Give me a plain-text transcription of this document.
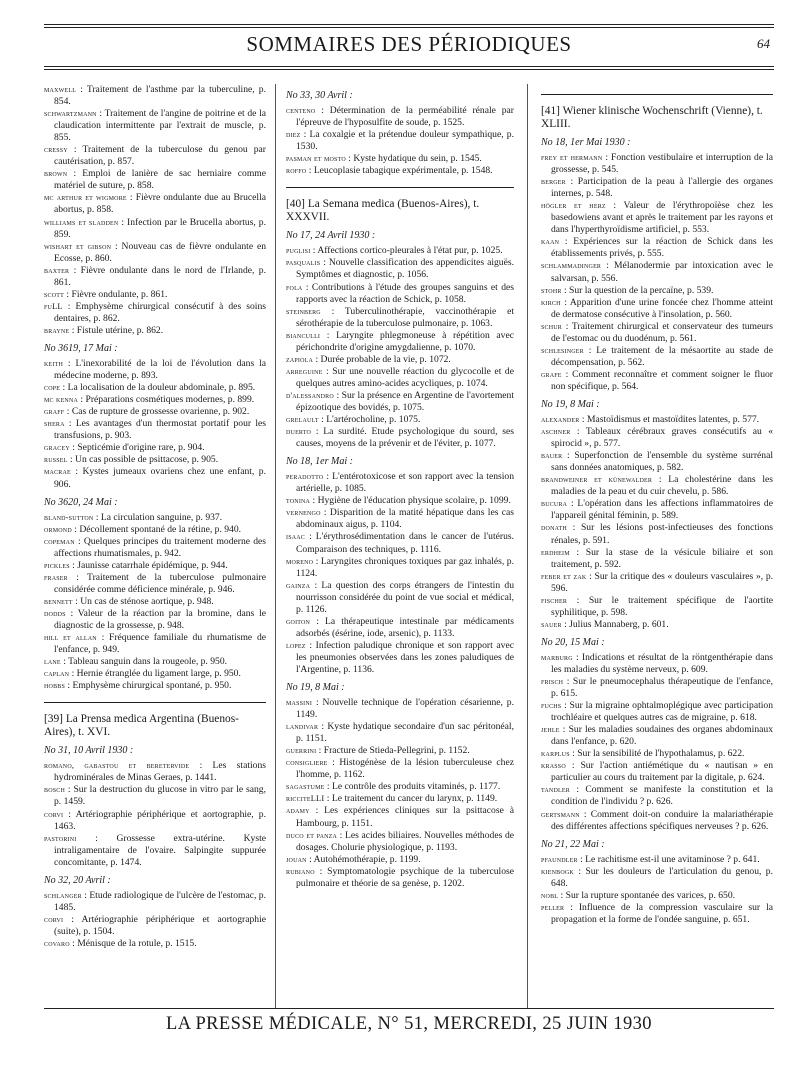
SOMMAIRES DES PÉRIODIQUES	64

maxwell : Traitement de l'asthme par la tuberculine, p. 854.

schwartzmann : Traitement de l'angine de poitrine et de la claudication intermittente par l'extrait de muscle, p. 855.

cressy : Traitement de la tuberculose du genou par cautérisation, p. 857.

brown : Emploi de lanière de sac herniaire comme matériel de suture, p. 858.

mc arthur et wigmore : Fièvre ondulante due au Brucella abortus, p. 858.

williams et sladden : Infection par le Brucella abortus, p. 859.

wishart et gibson : Nouveau cas de fièvre ondulante en Ecosse, p. 860.

baxter : Fièvre ondulante dans le nord de l'Irlande, p. 861.

scott : Fièvre ondulante, p. 861.

fuLL : Emphysème chirurgical consécutif à des soins dentaires, p. 862.

brayne : Fistule utérine, p. 862.

No 3619, 17 Mai :

keith : L'inexorabilité de la loi de l'évolution dans la médecine moderne, p. 893.

cope : La localisation de la douleur abdominale, p. 895.

mc kenna : Préparations cosmétiques modernes, p. 899.

graff : Cas de rupture de grossesse ovarienne, p. 902.

shera : Les avantages d'un thermostat portatif pour les transfusions, p. 903.

gracey : Septicémie d'origine rare, p. 904.

russel : Un cas possible de psittacose, p. 905.

macrae : Kystes jumeaux ovariens chez une enfant, p. 906.

No 3620, 24 Mai :

bland-sutton : La circulation sanguine, p. 937.

ormond : Décollement spontané de la rétine, p. 940.

copeman : Quelques principes du traitement moderne des affections rhumatismales, p. 942.

pickles : Jaunisse catarrhale épidémique, p. 944.

fraser : Traitement de la tuberculose pulmonaire considérée comme déficience minérale, p. 946.

bennett : Un cas de sténose aortique, p. 948.

dodds : Valeur de la réaction par la bromine, dans le diagnostic de la grossesse, p. 948.

hill et allan : Fréquence familiale du rhumatisme de l'enfance, p. 949.

lane : Tableau sanguin dans la rougeole, p. 950.

caplan : Hernie étranglée du ligament large, p. 950.

hobbs : Emphysème chirurgical spontané, p. 950.

[39] La Prensa medica Argentina (Buenos-Aires), t. XVI.
No 31, 10 Avril 1930 :

romano, gabastou et beretervide : Les stations hydrominérales de Minas Geraes, p. 1441.

bosch : Sur la destruction du glucose in vitro par le sang, p. 1459.

corvi : Artériographie périphérique et aortographie, p. 1463.

pastorini : Grossesse extra-utérine. Kyste intraligamentaire de l'ovaire. Salpingite suppurée concomitante, p. 1474.

No 32, 20 Avril :

schlanger : Etude radiologique de l'ulcère de l'estomac, p. 1485.

corvi : Artériographie périphérique et aortographie (suite), p. 1504.

covaro : Ménisque de la rotule, p. 1515.

No 33, 30 Avril :

centeno : Détermination de la perméabilité rénale par l'épreuve de l'hyposulfite de soude, p. 1525.

diez : La coxalgie et la prétendue douleur sympathique, p. 1530.

pasman et mosto : Kyste hydatique du sein, p. 1545.

roffo : Leucoplasie tabagique expérimentale, p. 1548.

[40] La Semana medica (Buenos-Aires), t. XXXVII.
No 17, 24 Avril 1930 :

puglisi : Affections cortico-pleurales à l'état pur, p. 1025.

pasqualis : Nouvelle classification des appendicites aiguës. Symptômes et diagnostic, p. 1056.

fola : Contributions à l'étude des groupes sanguins et des rapports avec la réaction de Schick, p. 1058.

steinberg : Tuberculinothérapie, vaccinothérapie et sérothérapie de la tuberculose pulmonaire, p. 1063.

bianculli : Laryngite phlegmoneuse à répétition avec périchondrite d'origine amygdalienne, p. 1070.

zapiola : Durée probable de la vie, p. 1072.

arreguine : Sur une nouvelle réaction du glycocolle et de quelques autres amino-acides acycliques, p. 1074.

d'alessandro : Sur la présence en Argentine de l'avortement épizootique des bovidés, p. 1075.

grelault : L'artérocholine, p. 1075.

duerto : La surdité. Etude psychologique du sourd, ses causes, moyens de la prévenir et de l'éviter, p. 1077.

No 18, 1er Mai :

peradotto : L'entérotoxicose et son rapport avec la tension artérielle, p. 1085.

tonina : Hygiène de l'éducation physique scolaire, p. 1099.

vernengo : Disparition de la matité hépatique dans les cas abdominaux aigus, p. 1104.

isaac : L'érythrosédimentation dans le cancer de l'utérus. Comparaison des techniques, p. 1116.

moreno : Laryngites chroniques toxiques par gaz inhalés, p. 1124.

gainza : La question des corps étrangers de l'intestin du nourrisson considérée du point de vue social et médical, p. 1126.

goiton : La thérapeutique intestinale par médicaments adsorbés (ésérine, iode, arsenic), p. 1133.

lopez : Infection paludique chronique et son rapport avec les pneumonies observées dans les zones paludiques de l'Argentine, p. 1136.

No 19, 8 Mai :

massini : Nouvelle technique de l'opération césarienne, p. 1149.

landivar : Kyste hydatique secondaire d'un sac péritonéal, p. 1151.

guerrini : Fracture de Stieda-Pellegrini, p. 1152.

consigliere : Histogénèse de la lésion tuberculeuse chez l'homme, p. 1162.

sagastume : Le contrôle des produits vitaminés, p. 1177.

ricciteLLI : Le traitement du cancer du larynx, p. 1149.

adamy : Les expériences cliniques sur la psittacose à Hambourg, p. 1151.

duco et panza : Les acides biliaires. Nouvelles méthodes de dosages. Cholurie physiologique, p. 1193.

jouan : Autohémothérapie, p. 1199.

rubiano : Symptomatologie psychique de la tuberculose pulmonaire et théorie de sa genèse, p. 1202.

[41] Wiener klinische Wochenschrift (Vienne), t. XLIII.
No 18, 1er Mai 1930 :

frey et hermann : Fonction vestibulaire et interruption de la grossesse, p. 545.

berger : Participation de la peau à l'allergie des organes internes, p. 548.

högler et herz : Valeur de l'érythropoïèse chez les basedowiens avant et après le traitement par les rayons et dans l'hyperthyroïdisme artificiel, p. 553.

kaan : Expériences sur la réaction de Schick dans les établissements privés, p. 555.

schlammadinger : Mélanodermie par intoxication avec le salvarsan, p. 556.

stohr : Sur la question de la percaïne, p. 539.

kirch : Apparition d'une urine foncée chez l'homme atteint de dermatose consécutive à l'insolation, p. 560.

schur : Traitement chirurgical et conservateur des tumeurs de l'estomac ou du duodénum, p. 561.

schlesinger : Le traitement de la mésaortite au stade de décompensation, p. 562.

grafe : Comment reconnaître et comment soigner le fluor non spécifique, p. 564.

No 19, 8 Mai :

alexander : Mastoïdismus et mastoïdites latentes, p. 577.

aschner : Tableaux cérébraux graves consécutifs au « spirocid », p. 577.

bauer : Superfonction de l'ensemble du système surrénal sans données anatomiques, p. 582.

brandweiner et künewalder : La cholestérine dans les maladies de la peau et du cuir chevelu, p. 586.

bucura : L'opération dans les affections inflammatoires de l'appareil génital féminin, p. 589.

donath : Sur les lésions post-infectieuses des fonctions rénales, p. 591.

erdheim : Sur la stase de la vésicule biliaire et son traitement, p. 592.

feber et zak : Sur la critique des « douleurs vasculaires », p. 596.

fischer : Sur le traitement spécifique de l'aortite syphilitique, p. 598.

sauer : Julius Mannaberg, p. 601.

No 20, 15 Mai :

marburg : Indications et résultat de la röntgenthérapie dans les maladies du système nerveux, p. 609.

frisch : Sur le pneumocephalus thérapeutique de l'enfance, p. 615.

fuchs : Sur la migraine ophtalmoplégique avec participation trochléaire et quelques autres cas de migraine, p. 618.

jehle : Sur les maladies soudaines des organes abdominaux dans l'enfance, p. 620.

karplus : Sur la sensibilité de l'hypothalamus, p. 622.

krasso : Sur l'action antiémétique du « nautisan » en particulier au cours du traitement par la digitale, p. 624.

tandler : Comment se manifeste la constitution et la condition de l'individu ? p. 626.

gertsmann : Comment doit-on conduire la malariathérapie des différentes affections spécifiques nerveuses ? p. 626.

No 21, 22 Mai :

pfaundler : Le rachitisme est-il une avitaminose ? p. 641.

kienbogk : Sur les douleurs de l'articulation du genou, p. 648.

nobl : Sur la rupture spontanée des varices, p. 650.

peller : Influence de la compression vasculaire sur la propagation et la forme de l'ondée sanguine, p. 651.

LA PRESSE MÉDICALE, N° 51, MERCREDI, 25 JUIN 1930
